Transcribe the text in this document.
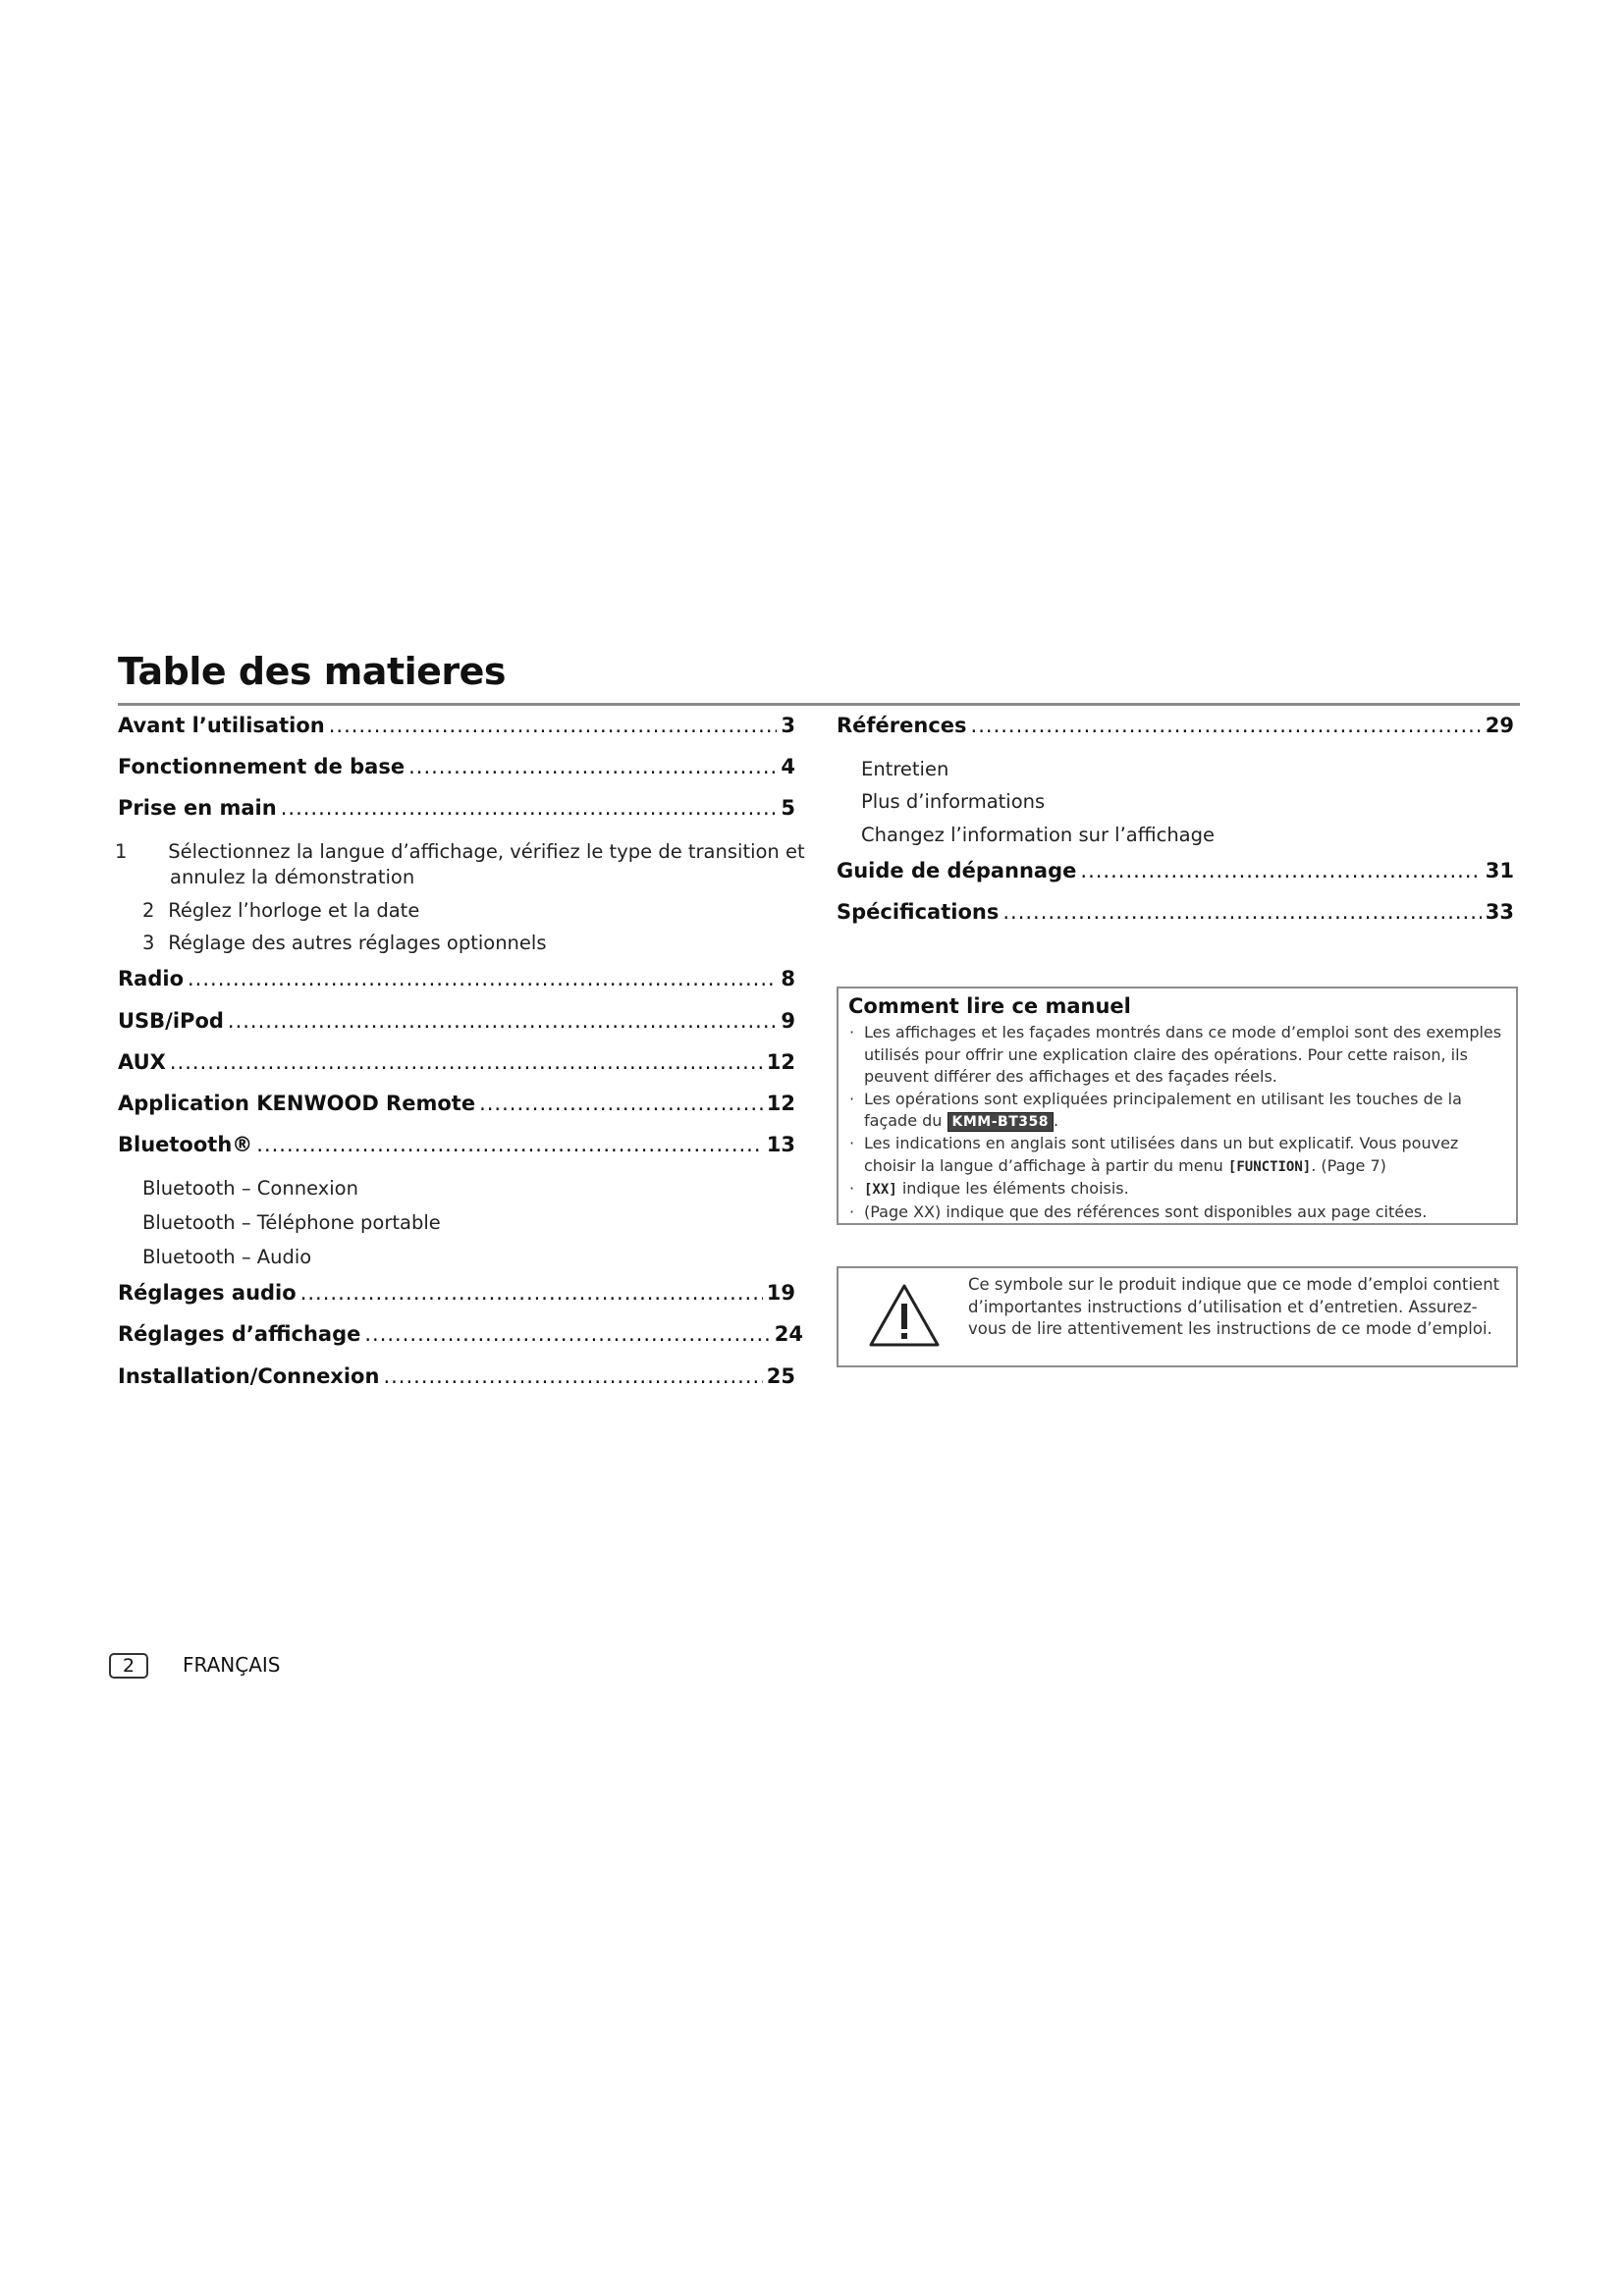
Table des matieres
Avant l’utilisation .....	3
Fonctionnement de base .....	4
Prise en main .....	5
1 Sélectionnez la langue d’affichage, vérifiez le type de transition et annulez la démonstration
2 Réglez l’horloge et la date
3 Réglage des autres réglages optionnels
Radio .....	8
USB/iPod .....	9
AUX .....	12
Application KENWOOD Remote .....	12
Bluetooth® .....	13
Bluetooth – Connexion
Bluetooth – Téléphone portable
Bluetooth – Audio
Réglages audio .....	19
Réglages d’affichage .....	24
Installation/Connexion .....	25
Références .....	29
Entretien
Plus d’informations
Changez l’information sur l’affichage
Guide de dépannage .....	31
Spécifications .....	33
Comment lire ce manuel
· Les affichages et les façades montrés dans ce mode d’emploi sont des exemples utilisés pour offrir une explication claire des opérations. Pour cette raison, ils peuvent différer des affichages et des façades réels.
· Les opérations sont expliquées principalement en utilisant les touches de la façade du KMM-BT358 .
· Les indications en anglais sont utilisées dans un but explicatif. Vous pouvez choisir la langue d’affichage à partir du menu [FUNCTION]. (Page 7)
· [XX] indique les éléments choisis.
· (Page XX) indique que des références sont disponibles aux page citées.
Ce symbole sur le produit indique que ce mode d’emploi contient d’importantes instructions d’utilisation et d’entretien. Assurez-vous de lire attentivement les instructions de ce mode d’emploi.
2	FRANÇAIS
